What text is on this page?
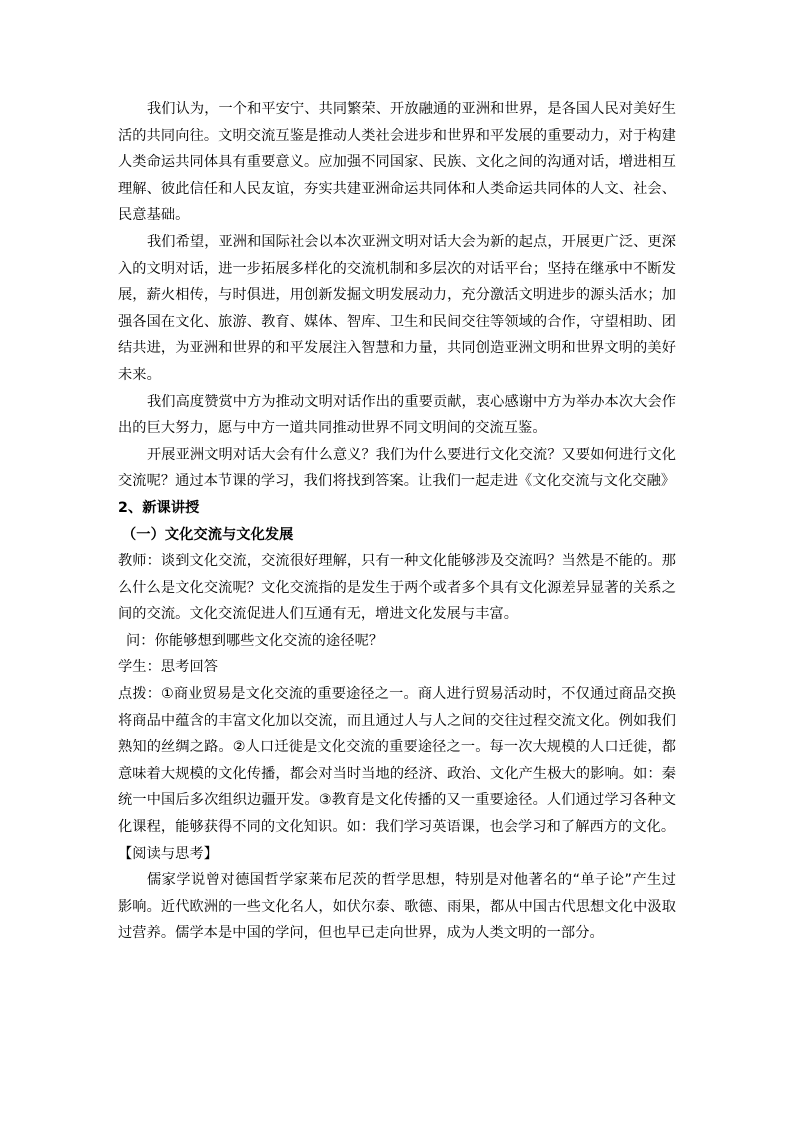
我们认为，一个和平安宁、共同繁荣、开放融通的亚洲和世界，是各国人民对美好生活的共同向往。文明交流互鉴是推动人类社会进步和世界和平发展的重要动力，对于构建人类命运共同体具有重要意义。应加强不同国家、民族、文化之间的沟通对话，增进相互理解、彼此信任和人民友谊，夯实共建亚洲命运共同体和人类命运共同体的人文、社会、民意基础。

我们希望，亚洲和国际社会以本次亚洲文明对话大会为新的起点，开展更广泛、更深入的文明对话，进一步拓展多样化的交流机制和多层次的对话平台；坚持在继承中不断发展，薪火相传，与时俱进，用创新发掘文明发展动力，充分激活文明进步的源头活水；加强各国在文化、旅游、教育、媒体、智库、卫生和民间交往等领域的合作，守望相助、团结共进，为亚洲和世界的和平发展注入智慧和力量，共同创造亚洲文明和世界文明的美好未来。

我们高度赞赏中方为推动文明对话作出的重要贡献，衷心感谢中方为举办本次大会作出的巨大努力，愿与中方一道共同推动世界不同文明间的交流互鉴。

开展亚洲文明对话大会有什么意义？我们为什么要进行文化交流？又要如何进行文化交流呢？通过本节课的学习，我们将找到答案。让我们一起走进《文化交流与文化交融》

2、新课讲授

（一）文化交流与文化发展

教师：谈到文化交流，交流很好理解，只有一种文化能够涉及交流吗？当然是不能的。那么什么是文化交流呢？文化交流指的是发生于两个或者多个具有文化源差异显著的关系之间的交流。文化交流促进人们互通有无，增进文化发展与丰富。

问：你能够想到哪些文化交流的途径呢？

学生：思考回答

点拨：①商业贸易是文化交流的重要途径之一。商人进行贸易活动时，不仅通过商品交换将商品中蕴含的丰富文化加以交流，而且通过人与人之间的交往过程交流文化。例如我们熟知的丝绸之路。②人口迁徙是文化交流的重要途径之一。每一次大规模的人口迁徙，都意味着大规模的文化传播，都会对当时当地的经济、政治、文化产生极大的影响。如：秦统一中国后多次组织边疆开发。③教育是文化传播的又一重要途径。人们通过学习各种文化课程，能够获得不同的文化知识。如：我们学习英语课，也会学习和了解西方的文化。

【阅读与思考】

儒家学说曾对德国哲学家莱布尼茨的哲学思想，特别是对他著名的“单子论”产生过影响。近代欧洲的一些文化名人，如伏尔泰、歌德、雨果，都从中国古代思想文化中汲取过营养。儒学本是中国的学问，但也早已走向世界，成为人类文明的一部分。
